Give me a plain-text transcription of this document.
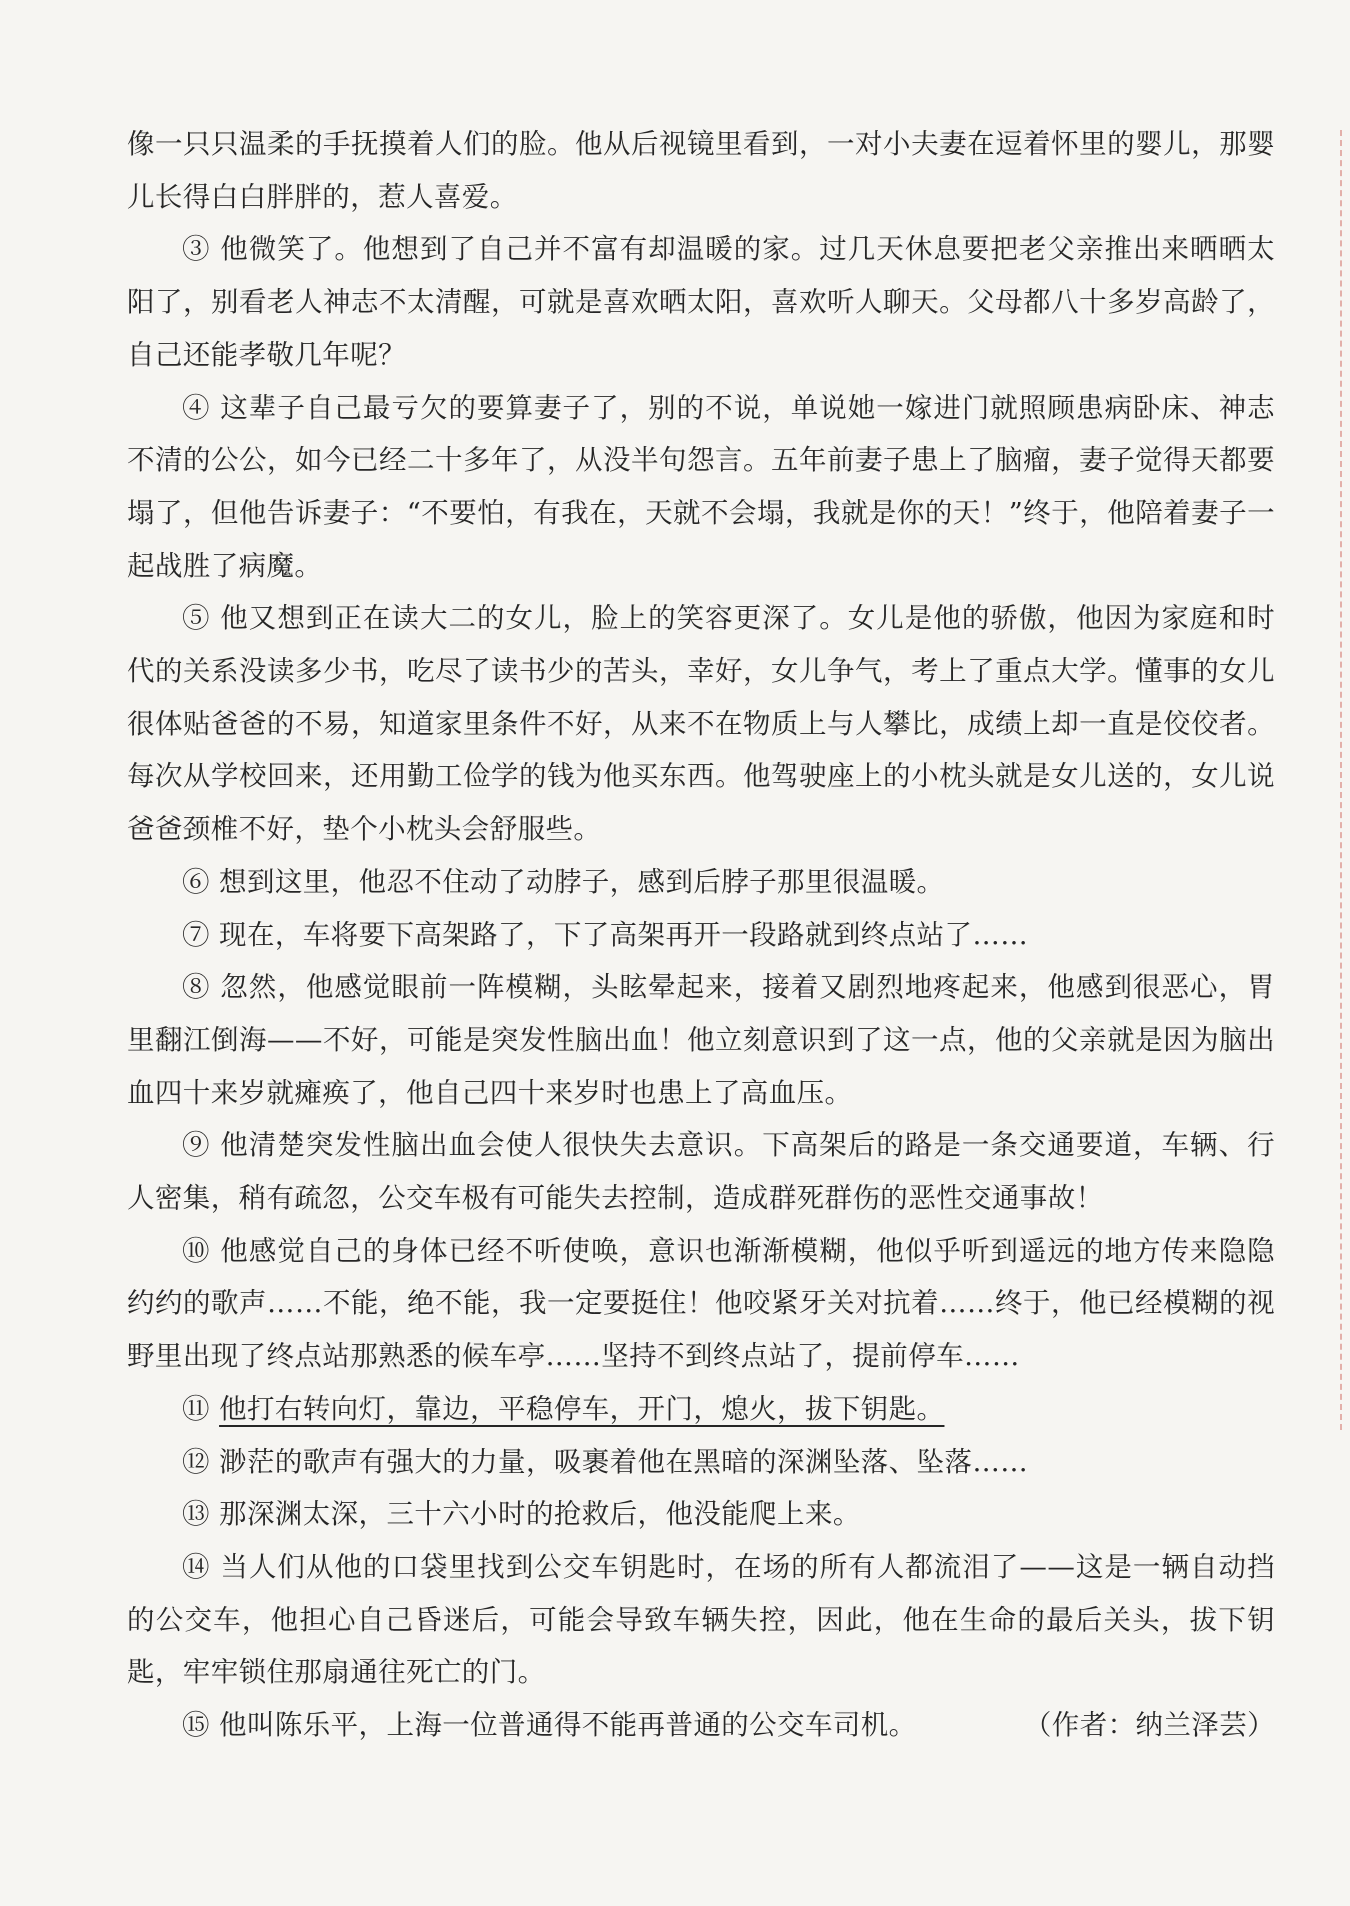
像一只只温柔的手抚摸着人们的脸。他从后视镜里看到，一对小夫妻在逗着怀里的婴儿，那婴儿长得白白胖胖的，惹人喜爱。

③ 他微笑了。他想到了自己并不富有却温暖的家。过几天休息要把老父亲推出来晒晒太阳了，别看老人神志不太清醒，可就是喜欢晒太阳，喜欢听人聊天。父母都八十多岁高龄了，自己还能孝敬几年呢？

④ 这辈子自己最亏欠的要算妻子了，别的不说，单说她一嫁进门就照顾患病卧床、神志不清的公公，如今已经二十多年了，从没半句怨言。五年前妻子患上了脑瘤，妻子觉得天都要塌了，但他告诉妻子：“不要怕，有我在，天就不会塌，我就是你的天！”终于，他陪着妻子一起战胜了病魔。

⑤ 他又想到正在读大二的女儿，脸上的笑容更深了。女儿是他的骄傲，他因为家庭和时代的关系没读多少书，吃尽了读书少的苦头，幸好，女儿争气，考上了重点大学。懂事的女儿很体贴爸爸的不易，知道家里条件不好，从来不在物质上与人攀比，成绩上却一直是佼佼者。每次从学校回来，还用勤工俭学的钱为他买东西。他驾驶座上的小枕头就是女儿送的，女儿说爸爸颈椎不好，垫个小枕头会舒服些。

⑥ 想到这里，他忍不住动了动脖子，感到后脖子那里很温暖。

⑦ 现在，车将要下高架路了，下了高架再开一段路就到终点站了……

⑧ 忽然，他感觉眼前一阵模糊，头眩晕起来，接着又剧烈地疼起来，他感到很恶心，胃里翻江倒海——不好，可能是突发性脑出血！他立刻意识到了这一点，他的父亲就是因为脑出血四十来岁就瘫痪了，他自己四十来岁时也患上了高血压。

⑨ 他清楚突发性脑出血会使人很快失去意识。下高架后的路是一条交通要道，车辆、行人密集，稍有疏忽，公交车极有可能失去控制，造成群死群伤的恶性交通事故！

⑩ 他感觉自己的身体已经不听使唤，意识也渐渐模糊，他似乎听到遥远的地方传来隐隐约约的歌声……不能，绝不能，我一定要挺住！他咬紧牙关对抗着……终于，他已经模糊的视野里出现了终点站那熟悉的候车亭……坚持不到终点站了，提前停车……

⑪ 他打右转向灯，靠边，平稳停车，开门，熄火，拔下钥匙。

⑫ 渺茫的歌声有强大的力量，吸裹着他在黑暗的深渊坠落、坠落……

⑬ 那深渊太深，三十六小时的抢救后，他没能爬上来。

⑭ 当人们从他的口袋里找到公交车钥匙时，在场的所有人都流泪了——这是一辆自动挡的公交车，他担心自己昏迷后，可能会导致车辆失控，因此，他在生命的最后关头，拔下钥匙，牢牢锁住那扇通往死亡的门。

⑮ 他叫陈乐平，上海一位普通得不能再普通的公交车司机。	（作者：纳兰泽芸）
